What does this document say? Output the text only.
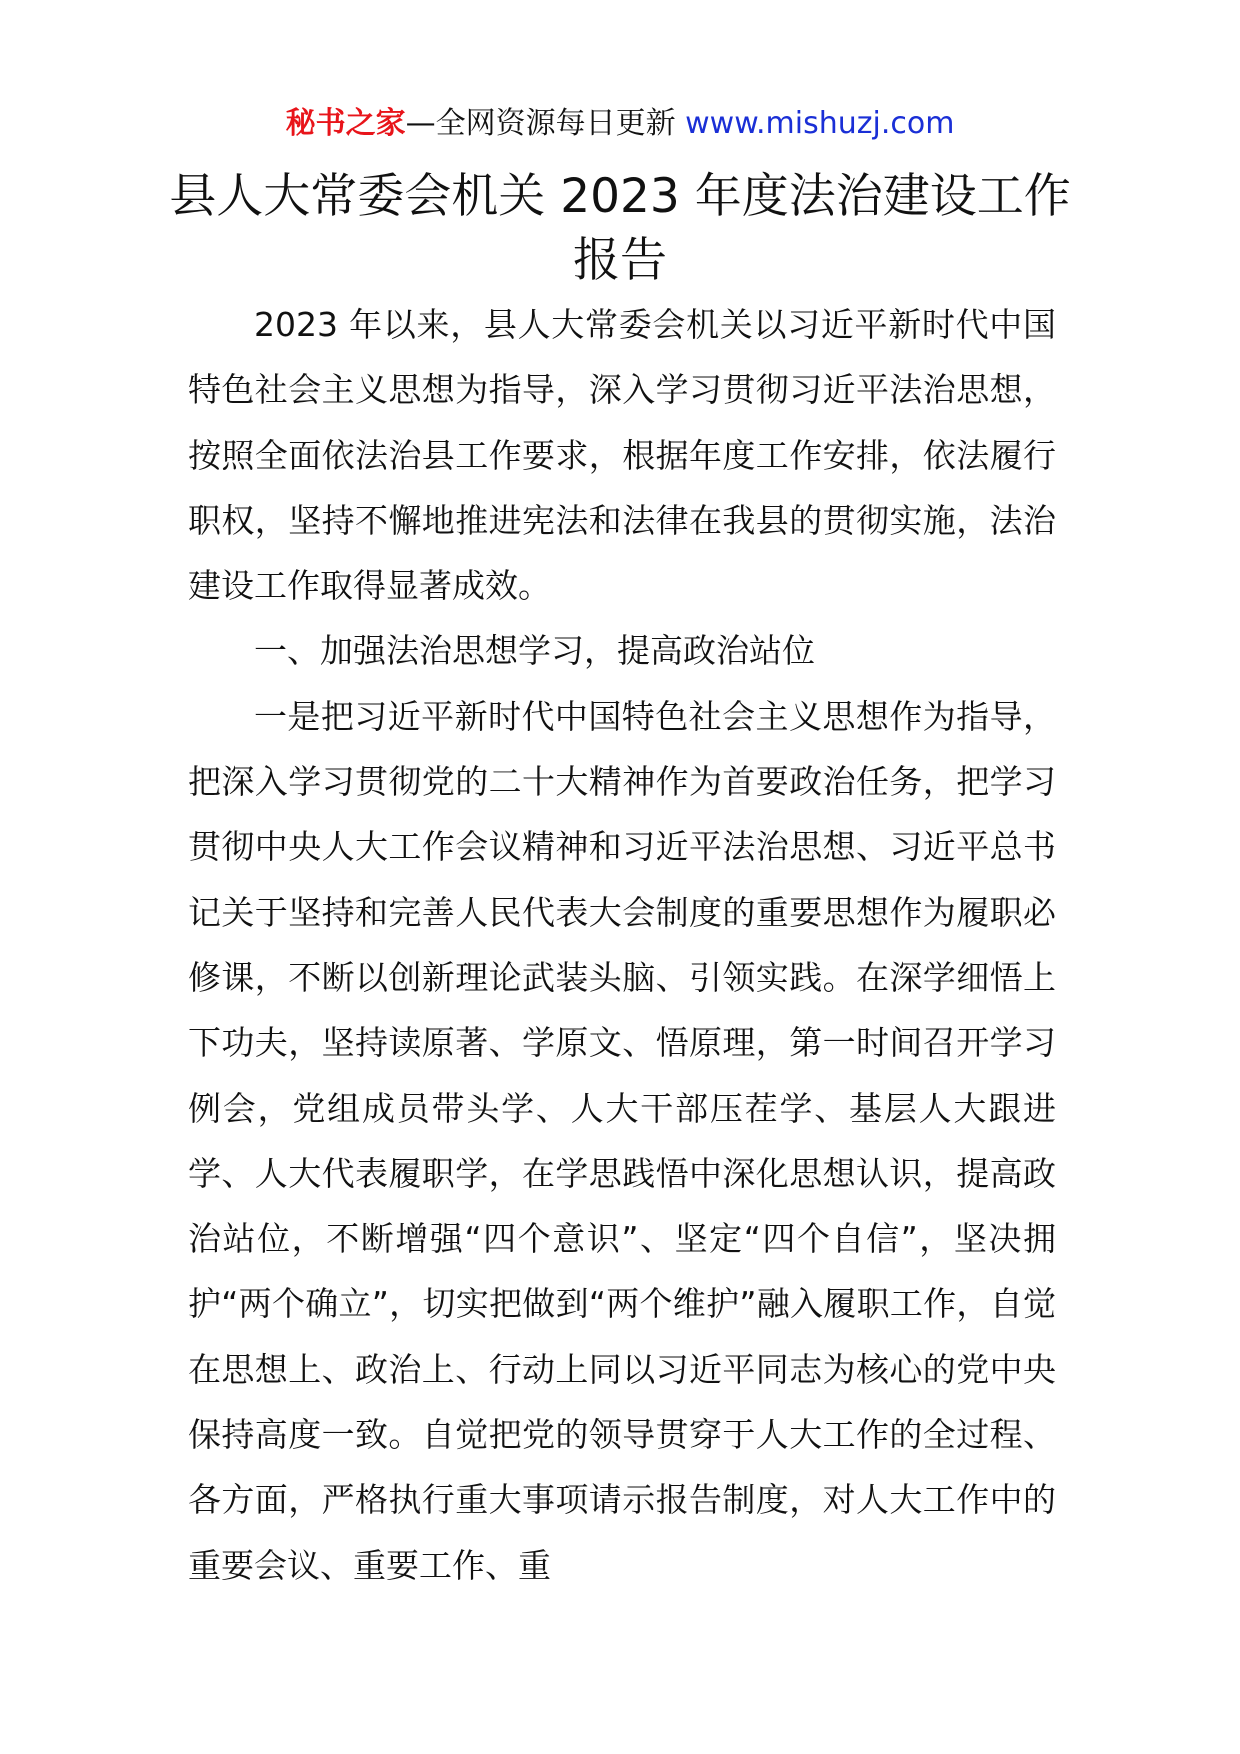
秘书之家—全网资源每日更新 www.mishuzj.com
县人大常委会机关 2023 年度法治建设工作报告

2023 年以来，县人大常委会机关以习近平新时代中国特色社会主义思想为指导，深入学习贯彻习近平法治思想，按照全面依法治县工作要求，根据年度工作安排，依法履行职权，坚持不懈地推进宪法和法律在我县的贯彻实施，法治建设工作取得显著成效。

一、加强法治思想学习，提高政治站位

一是把习近平新时代中国特色社会主义思想作为指导，把深入学习贯彻党的二十大精神作为首要政治任务，把学习贯彻中央人大工作会议精神和习近平法治思想、习近平总书记关于坚持和完善人民代表大会制度的重要思想作为履职必修课，不断以创新理论武装头脑、引领实践。在深学细悟上下功夫，坚持读原著、学原文、悟原理，第一时间召开学习例会，党组成员带头学、人大干部压茬学、基层人大跟进学、人大代表履职学，在学思践悟中深化思想认识，提高政治站位，不断增强“四个意识”、坚定“四个自信”，坚决拥护“两个确立”，切实把做到“两个维护”融入履职工作，自觉在思想上、政治上、行动上同以习近平同志为核心的党中央保持高度一致。自觉把党的领导贯穿于人大工作的全过程、各方面，严格执行重大事项请示报告制度，对人大工作中的重要会议、重要工作、重
